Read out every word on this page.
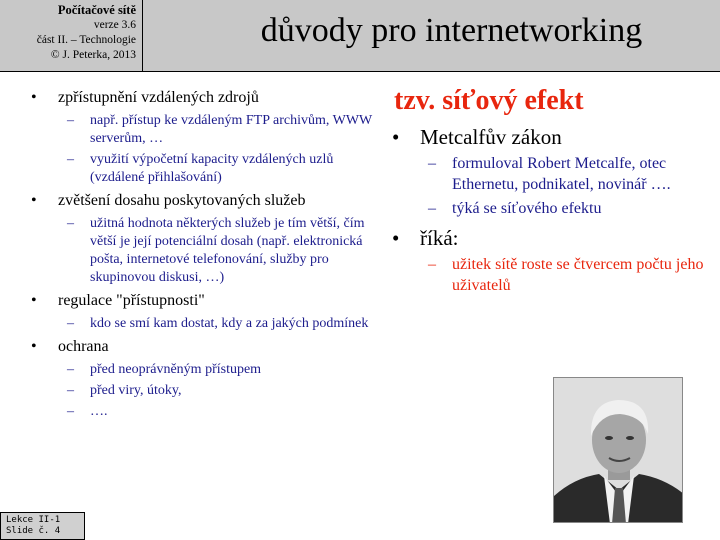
Počítačové sítě
verze 3.6
část II. – Technologie
© J. Peterka, 2013
důvody pro internetworking
• zpřístupnění vzdálených zdrojů
– např. přístup ke vzdáleným FTP archivům, WWW serverům, …
– využití výpočetní kapacity vzdálených uzlů (vzdálené přihlašování)
• zvětšení dosahu poskytovaných služeb
– užitná hodnota některých služeb je tím větší, čím větší je její potenciální dosah (např. elektronická pošta, internetové telefonování, služby pro skupinovou diskusi, …)
• regulace "přístupnosti"
– kdo se smí kam dostat, kdy a za jakých podmínek
• ochrana
– před neoprávněným přístupem
– před viry, útoky,
– ….
tzv. síťový efekt
• Metcalfův zákon
– formuloval Robert Metcalfe, otec Ethernetu, podnikatel, novinář ….
– týká se síťového efektu
• říká:
– užitek sítě roste se čtvercem počtu jeho uživatelů
Lekce II-1
Slide č. 4
